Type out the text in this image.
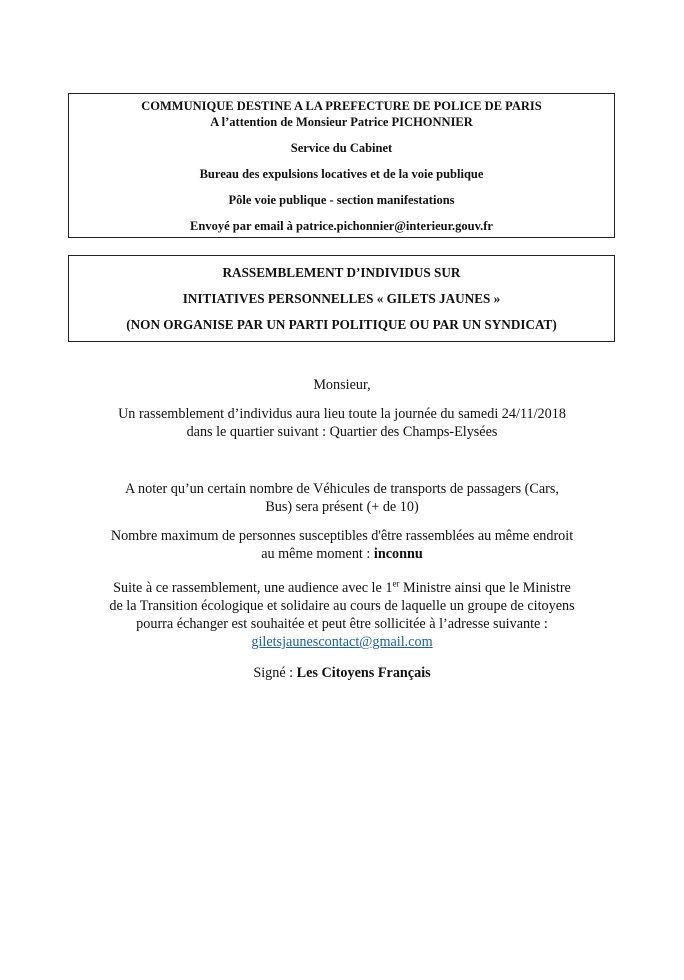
COMMUNIQUE DESTINE A LA PREFECTURE DE POLICE DE PARIS
A l’attention de Monsieur Patrice PICHONNIER
Service du Cabinet
Bureau des expulsions locatives et de la voie publique
Pôle voie publique - section manifestations
Envoyé par email à patrice.pichonnier@interieur.gouv.fr
RASSEMBLEMENT D’INDIVIDUS SUR
INITIATIVES PERSONNELLES « GILETS JAUNES »
(NON ORGANISE PAR UN PARTI POLITIQUE OU PAR UN SYNDICAT)
Monsieur,
Un rassemblement d’individus aura lieu toute la journée du samedi 24/11/2018
dans le quartier suivant : Quartier des Champs-Elysées
A noter qu’un certain nombre de Véhicules de transports de passagers (Cars,
Bus) sera présent (+ de 10)
Nombre maximum de personnes susceptibles d'être rassemblées au même endroit
au même moment : inconnu
Suite à ce rassemblement, une audience avec le 1er Ministre ainsi que le Ministre
de la Transition écologique et solidaire au cours de laquelle un groupe de citoyens
pourra échanger est souhaitée et peut être sollicitée à l’adresse suivante :
giletsjaunescontact@gmail.com
Signé : Les Citoyens Français
